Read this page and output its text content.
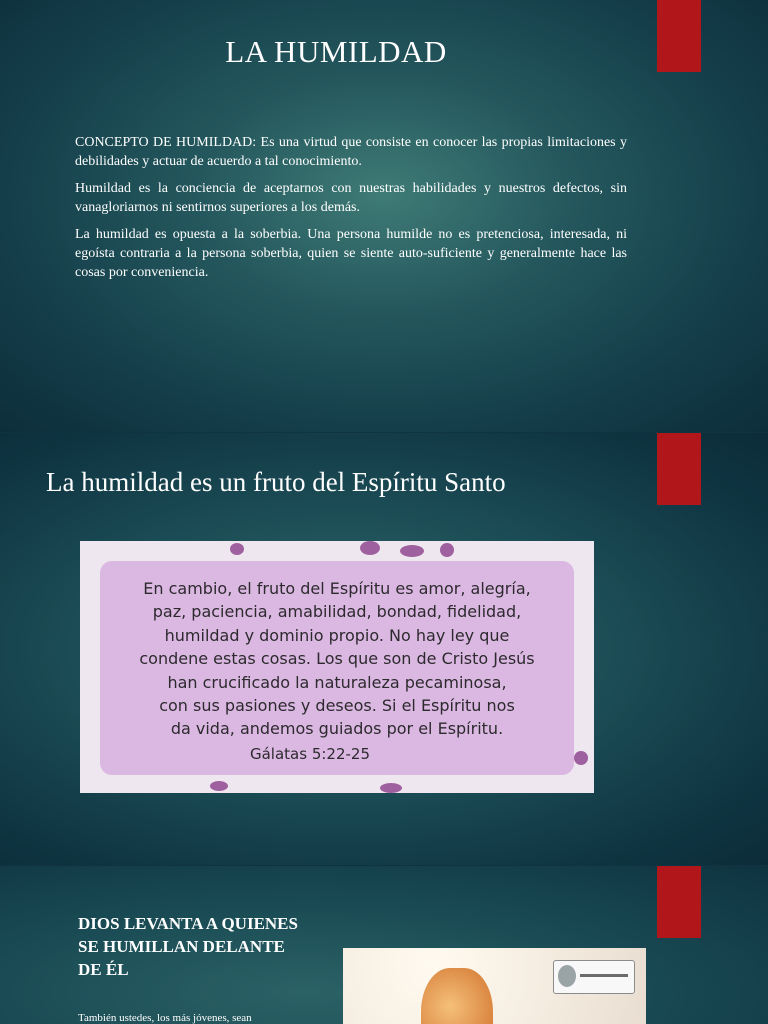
LA HUMILDAD

CONCEPTO DE HUMILDAD: Es una virtud que consiste en conocer las propias limitaciones y debilidades y actuar de acuerdo a tal conocimiento.

Humildad es la conciencia de aceptarnos con nuestras habilidades y nuestros defectos, sin vanagloriarnos ni sentirnos superiores a los demás.

La humildad es opuesta a la soberbia. Una persona humilde no es pretenciosa, interesada, ni egoísta contraria a la persona soberbia, quien se siente auto-suficiente y generalmente hace las cosas por conveniencia.

La humildad es un fruto del Espíritu Santo
En cambio, el fruto del Espíritu es amor, alegría,
paz, paciencia, amabilidad, bondad, fidelidad,
humildad y dominio propio. No hay ley que
condene estas cosas. Los que son de Cristo Jesús
han crucificado la naturaleza pecaminosa,
con sus pasiones y deseos. Si el Espíritu nos
da vida, andemos guiados por el Espíritu.
Gálatas 5:22-25
DIOS LEVANTA A QUIENES SE HUMILLAN DELANTE DE ÉL
También ustedes, los más jóvenes, sean
